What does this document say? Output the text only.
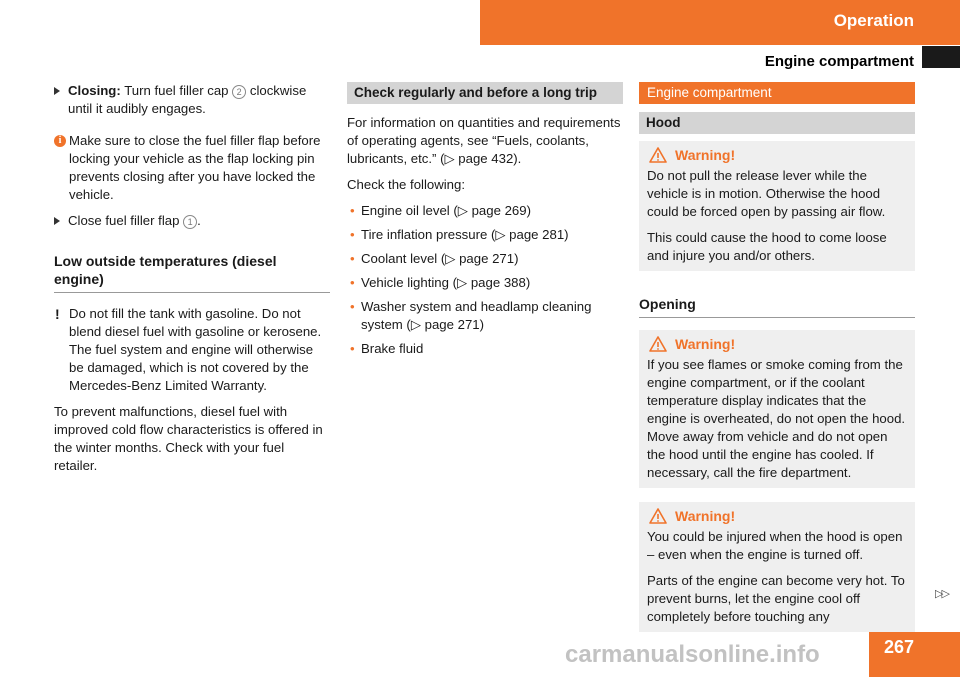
Operation
Engine compartment
Closing: Turn fuel filler cap 2 clockwise until it audibly engages.
i Make sure to close the fuel filler flap before locking your vehicle as the flap locking pin prevents closing after you have locked the vehicle.
Close fuel filler flap 1 .
Low outside temperatures (diesel engine)
! Do not fill the tank with gasoline. Do not blend diesel fuel with gasoline or kerosene. The fuel system and engine will otherwise be damaged, which is not covered by the Mercedes-Benz Limited Warranty.

To prevent malfunctions, diesel fuel with improved cold flow characteristics is offered in the winter months. Check with your fuel retailer.

Check regularly and before a long trip

For information on quantities and requirements of operating agents, see “Fuels, coolants, lubricants, etc.” (▷ page 432).

Check the following:

• Engine oil level (▷ page 269)
• Tire inflation pressure (▷ page 281)
• Coolant level (▷ page 271)
• Vehicle lighting (▷ page 388)
• Washer system and headlamp cleaning system (▷ page 271)
• Brake fluid
Engine compartment
Hood
Warning!

Do not pull the release lever while the vehicle is in motion. Otherwise the hood could be forced open by passing air flow.

This could cause the hood to come loose and injure you and/or others.

Opening
Warning!

If you see flames or smoke coming from the engine compartment, or if the coolant temperature display indicates that the engine is overheated, do not open the hood. Move away from vehicle and do not open the hood until the engine has cooled. If necessary, call the fire department.

Warning!

You could be injured when the hood is open – even when the engine is turned off.

Parts of the engine can become very hot. To prevent burns, let the engine cool off completely before touching any

▷▷
carmanualsonline.info	267
